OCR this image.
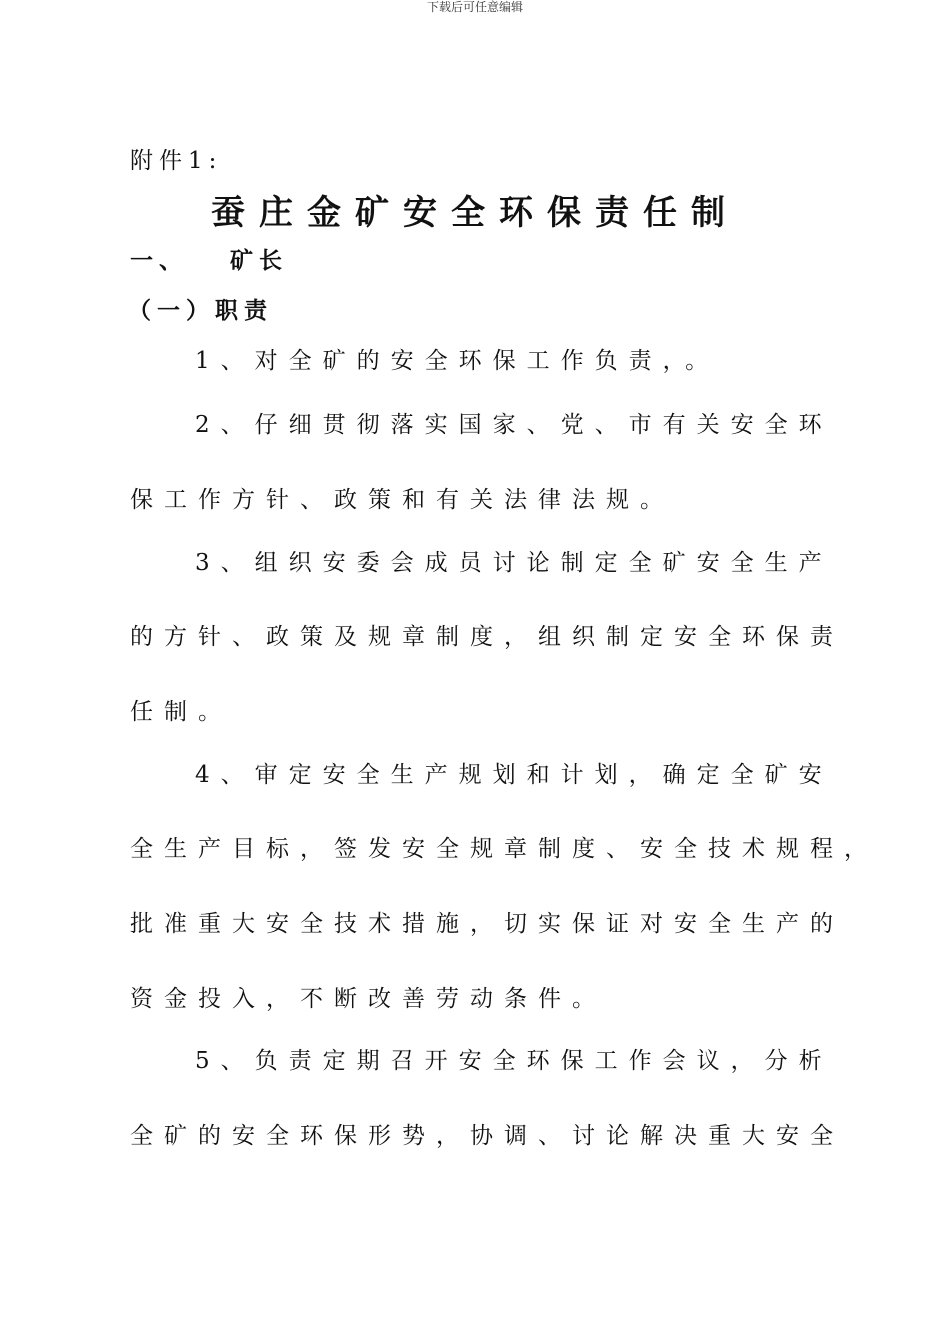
下载后可任意编辑
附件1:
蚕庄金矿安全环保责任制
一、 矿长
（一）职责
1、对全矿的安全环保工作负责，。
2、仔细贯彻落实国家、党、市有关安全环
保工作方针、政策和有关法律法规。
3、组织安委会成员讨论制定全矿安全生产
的方针、政策及规章制度，组织制定安全环保责
任制。
4、审定安全生产规划和计划，确定全矿安
全生产目标，签发安全规章制度、安全技术规程，
批准重大安全技术措施，切实保证对安全生产的
资金投入，不断改善劳动条件。
5、负责定期召开安全环保工作会议，分析
全矿的安全环保形势，协调、讨论解决重大安全
